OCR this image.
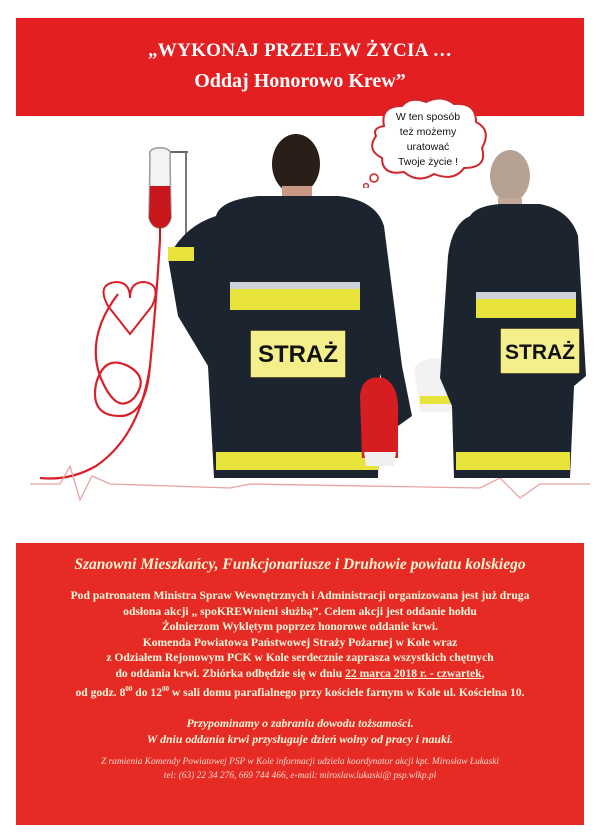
„WYKONAJ PRZELEW ŻYCIA …
Oddaj Honorowo Krew”
STRAŻ	STRAŻ
W ten sposób
też możemy
uratować
Twoje życie !
Szanowni Mieszkańcy, Funkcjonariusze i Druhowie powiatu kolskiego
Pod patronatem Ministra Spraw Wewnętrznych i Administracji organizowana jest już druga
odsłona akcji „ spoKREWnieni służbą”. Celem akcji jest oddanie hołdu
Żołnierzom Wyklętym poprzez honorowe oddanie krwi.
Komenda Powiatowa Państwowej Straży Pożarnej w Kole wraz
z Odziałem Rejonowym PCK w Kole serdecznie zaprasza wszystkich chętnych
do oddania krwi. Zbiórka odbędzie się w dniu 22 marca 2018 r. - czwartek,
od godz. $8^{00}$ do $12^{00}$ w sali domu parafialnego przy kościele farnym w Kole ul. Kościelna 10.
Przypominamy o zabraniu dowodu tożsamości.
W dniu oddania krwi przysługuje dzień wolny od pracy i nauki.
Z ramienia Komendy Powiatowej PSP w Kole informacji udziela koordynator akcji kpt. Mirosław Łukaski
tel: (63) 22 34 276, 669 744 466, e-mail: miroslaw.lukaski@ psp.wlkp.pl
